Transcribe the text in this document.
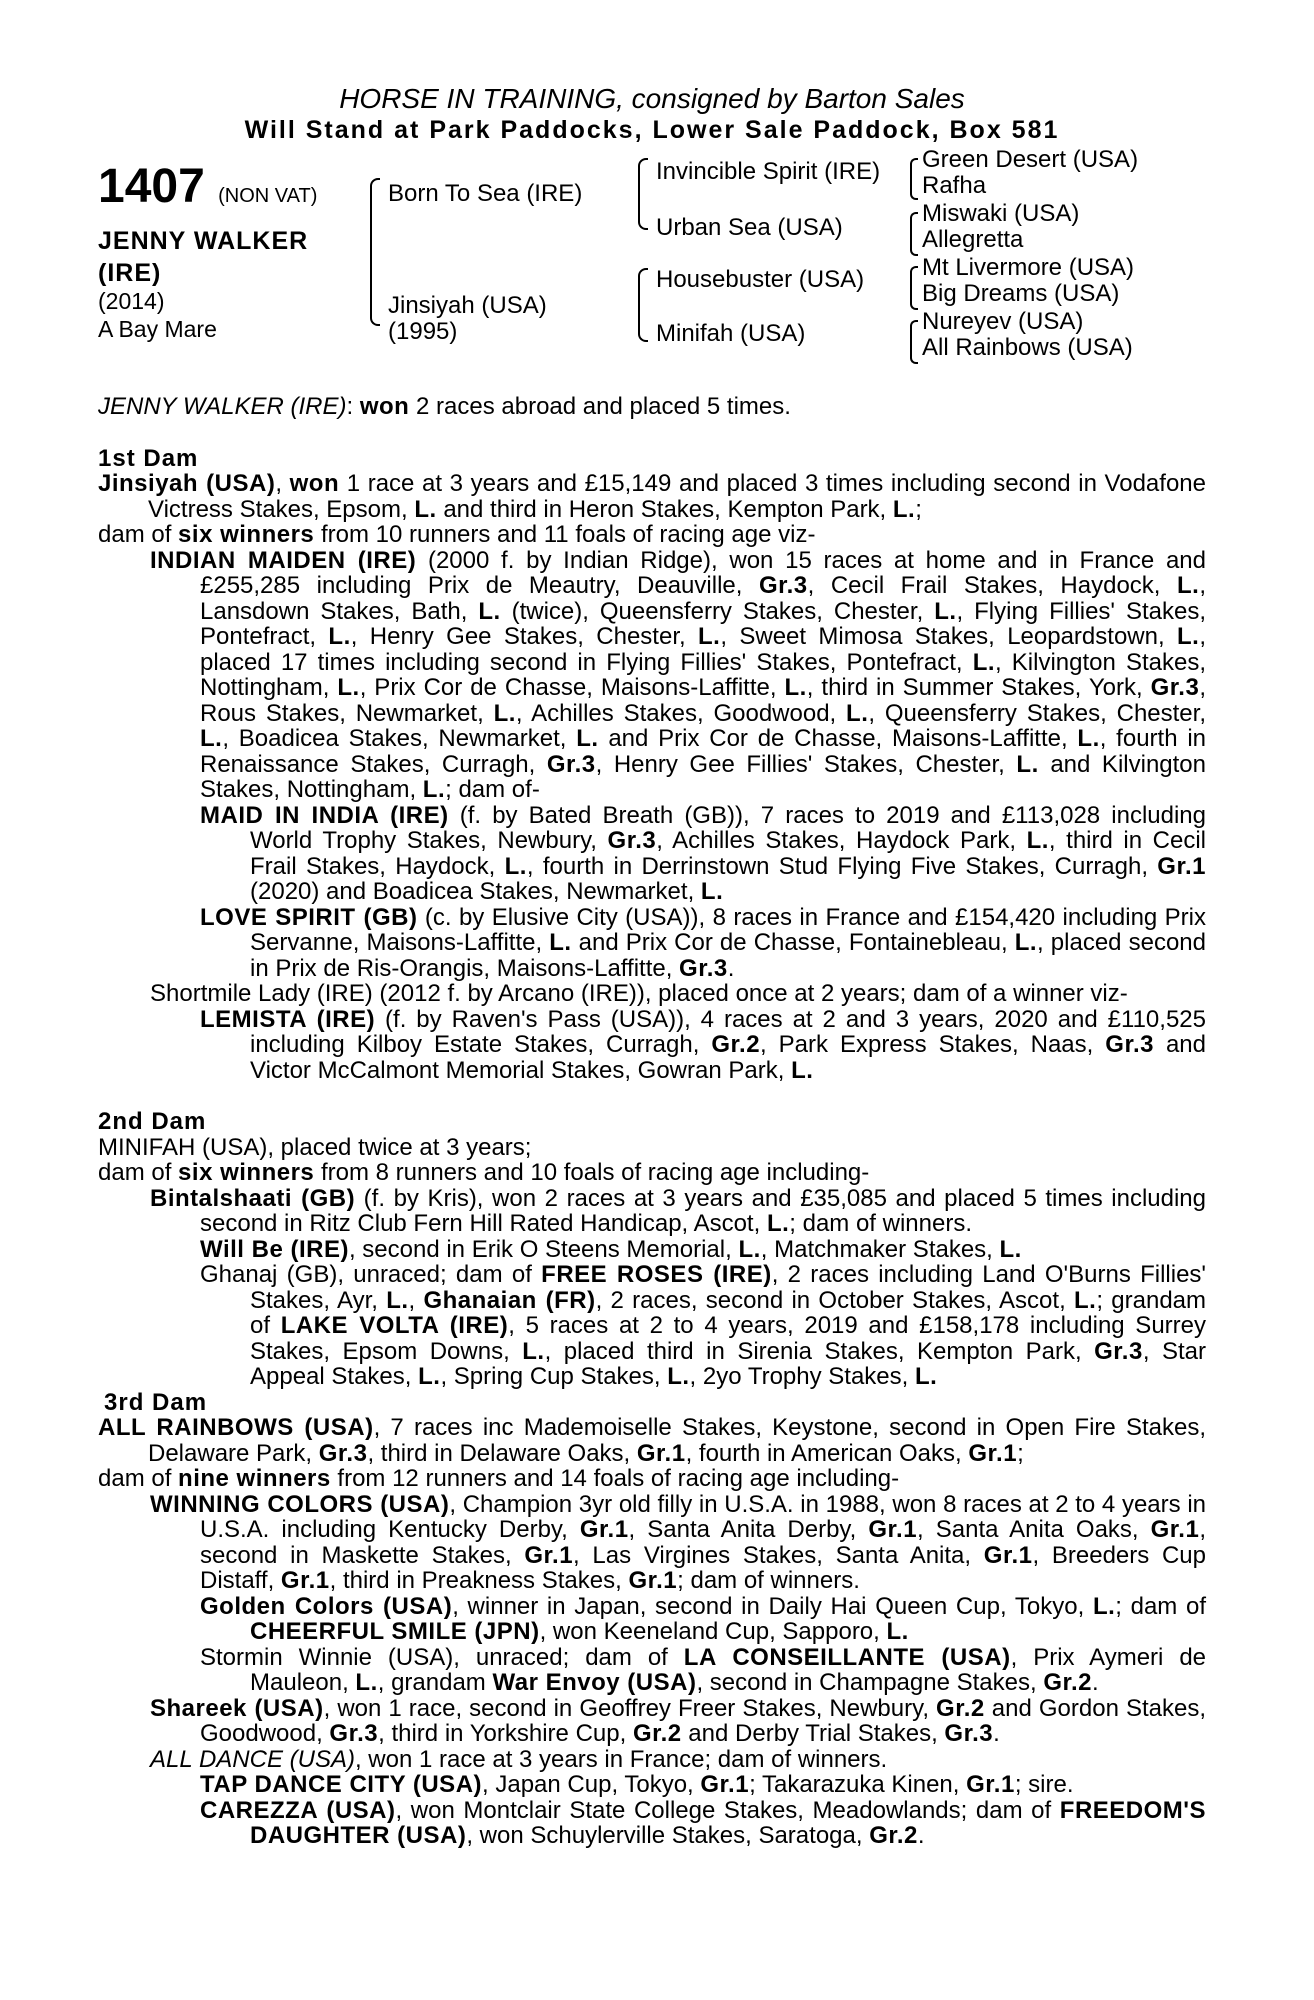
HORSE IN TRAINING, consigned by Barton Sales
Will Stand at Park Paddocks, Lower Sale Paddock, Box 581
1407 (NON VAT)
JENNY WALKER
(IRE)
(2014)
A Bay Mare
Born To Sea (IRE)
Jinsiyah (USA)
(1995)
Invincible Spirit (IRE)
Urban Sea (USA)
Housebuster (USA)
Minifah (USA)
Green Desert (USA)
Rafha
Miswaki (USA)
Allegretta
Mt Livermore (USA)
Big Dreams (USA)
Nureyev (USA)
All Rainbows (USA)
JENNY WALKER (IRE): won 2 races abroad and placed 5 times.
1st Dam
Jinsiyah (USA), won 1 race at 3 years and £15,149 and placed 3 times including second in Vodafone Victress Stakes, Epsom, L. and third in Heron Stakes, Kempton Park, L.;
dam of six winners from 10 runners and 11 foals of racing age viz-
INDIAN MAIDEN (IRE) (2000 f. by Indian Ridge), won 15 races at home and in France and £255,285 including Prix de Meautry, Deauville, Gr.3, Cecil Frail Stakes, Haydock, L., Lansdown Stakes, Bath, L. (twice), Queensferry Stakes, Chester, L., Flying Fillies' Stakes, Pontefract, L., Henry Gee Stakes, Chester, L., Sweet Mimosa Stakes, Leopardstown, L., placed 17 times including second in Flying Fillies' Stakes, Pontefract, L., Kilvington Stakes, Nottingham, L., Prix Cor de Chasse, Maisons-Laffitte, L., third in Summer Stakes, York, Gr.3, Rous Stakes, Newmarket, L., Achilles Stakes, Goodwood, L., Queensferry Stakes, Chester, L., Boadicea Stakes, Newmarket, L. and Prix Cor de Chasse, Maisons-Laffitte, L., fourth in Renaissance Stakes, Curragh, Gr.3, Henry Gee Fillies' Stakes, Chester, L. and Kilvington Stakes, Nottingham, L.; dam of-
MAID IN INDIA (IRE) (f. by Bated Breath (GB)), 7 races to 2019 and £113,028 including World Trophy Stakes, Newbury, Gr.3, Achilles Stakes, Haydock Park, L., third in Cecil Frail Stakes, Haydock, L., fourth in Derrinstown Stud Flying Five Stakes, Curragh, Gr.1 (2020) and Boadicea Stakes, Newmarket, L.
LOVE SPIRIT (GB) (c. by Elusive City (USA)), 8 races in France and £154,420 including Prix Servanne, Maisons-Laffitte, L. and Prix Cor de Chasse, Fontainebleau, L., placed second in Prix de Ris-Orangis, Maisons-Laffitte, Gr.3.
Shortmile Lady (IRE) (2012 f. by Arcano (IRE)), placed once at 2 years; dam of a winner viz-
LEMISTA (IRE) (f. by Raven's Pass (USA)), 4 races at 2 and 3 years, 2020 and £110,525 including Kilboy Estate Stakes, Curragh, Gr.2, Park Express Stakes, Naas, Gr.3 and Victor McCalmont Memorial Stakes, Gowran Park, L.
2nd Dam
MINIFAH (USA), placed twice at 3 years;
dam of six winners from 8 runners and 10 foals of racing age including-
Bintalshaati (GB) (f. by Kris), won 2 races at 3 years and £35,085 and placed 5 times including second in Ritz Club Fern Hill Rated Handicap, Ascot, L.; dam of winners.
Will Be (IRE), second in Erik O Steens Memorial, L., Matchmaker Stakes, L.
Ghanaj (GB), unraced; dam of FREE ROSES (IRE), 2 races including Land O'Burns Fillies' Stakes, Ayr, L., Ghanaian (FR), 2 races, second in October Stakes, Ascot, L.; grandam of LAKE VOLTA (IRE), 5 races at 2 to 4 years, 2019 and £158,178 including Surrey Stakes, Epsom Downs, L., placed third in Sirenia Stakes, Kempton Park, Gr.3, Star Appeal Stakes, L., Spring Cup Stakes, L., 2yo Trophy Stakes, L.
3rd Dam
ALL RAINBOWS (USA), 7 races inc Mademoiselle Stakes, Keystone, second in Open Fire Stakes, Delaware Park, Gr.3, third in Delaware Oaks, Gr.1, fourth in American Oaks, Gr.1;
dam of nine winners from 12 runners and 14 foals of racing age including-
WINNING COLORS (USA), Champion 3yr old filly in U.S.A. in 1988, won 8 races at 2 to 4 years in U.S.A. including Kentucky Derby, Gr.1, Santa Anita Derby, Gr.1, Santa Anita Oaks, Gr.1, second in Maskette Stakes, Gr.1, Las Virgines Stakes, Santa Anita, Gr.1, Breeders Cup Distaff, Gr.1, third in Preakness Stakes, Gr.1; dam of winners.
Golden Colors (USA), winner in Japan, second in Daily Hai Queen Cup, Tokyo, L.; dam of CHEERFUL SMILE (JPN), won Keeneland Cup, Sapporo, L.
Stormin Winnie (USA), unraced; dam of LA CONSEILLANTE (USA), Prix Aymeri de Mauleon, L., grandam War Envoy (USA), second in Champagne Stakes, Gr.2.
Shareek (USA), won 1 race, second in Geoffrey Freer Stakes, Newbury, Gr.2 and Gordon Stakes, Goodwood, Gr.3, third in Yorkshire Cup, Gr.2 and Derby Trial Stakes, Gr.3.
ALL DANCE (USA), won 1 race at 3 years in France; dam of winners.
TAP DANCE CITY (USA), Japan Cup, Tokyo, Gr.1; Takarazuka Kinen, Gr.1; sire.
CAREZZA (USA), won Montclair State College Stakes, Meadowlands; dam of FREEDOM'S DAUGHTER (USA), won Schuylerville Stakes, Saratoga, Gr.2.
